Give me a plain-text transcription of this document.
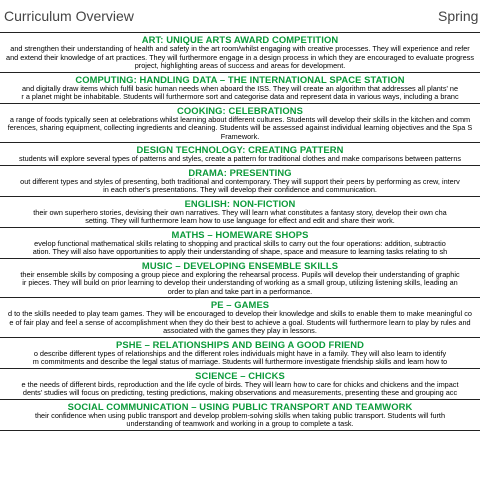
Curriculum Overview	Spring
ART: UNIQUE ARTS AWARD COMPETITION
and strengthen their understanding of health and safety in the art room/whilst engaging with creative processes. They will experience and refer
and extend their knowledge of art practices. They will furthermore engage in a design process in which they are encouraged to evaluate progress
project, highlighting areas of success and areas for development.
COMPUTING: HANDLING DATA – THE INTERNATIONAL SPACE STATION
and digitally draw items which fulfil basic human needs when aboard the ISS. They will create an algorithm that addresses all plants' ne
r a planet might be inhabitable. Students will furthermore sort and categorise data and represent data in various ways, including a branc
COOKING: CELEBRATIONS
a range of foods typically seen at celebrations whilst learning about different cultures. Students will develop their skills in the kitchen and comm
ferences, sharing equipment, collecting ingredients and cleaning. Students will be assessed against individual learning objectives and the Spa S
Framework.
DESIGN TECHNOLOGY: CREATING PATTERN
students will explore several types of patterns and styles, create a pattern for traditional clothes and make comparisons between patterns
DRAMA: PRESENTING
out different types and styles of presenting, both traditional and contemporary. They will support their peers by performing as crew, interv
in each other's presentations. They will develop their confidence and communication.
ENGLISH: NON-FICTION
their own superhero stories, devising their own narratives. They will learn what constitutes a fantasy story, develop their own cha
setting. They will furthermore learn how to use language for effect and edit and share their work.
MATHS – HOMEWARE SHOPS
evelop functional mathematical skills relating to shopping and practical skills to carry out the four operations: addition, subtractio
ation. They will also have opportunities to apply their understanding of shape, space and measure to learning tasks relating to sh
MUSIC – DEVELOPING ENSEMBLE SKILLS
their ensemble skills by composing a group piece and exploring the rehearsal process. Pupils will develop their understanding of graphic
ir pieces. They will build on prior learning to develop their understanding of working as a small group, utilizing listening skills, leading an
order to plan and take part in a performance.
PE – GAMES
d to the skills needed to play team games. They will be encouraged to develop their knowledge and skills to enable them to make meaningful co
e of fair play and feel a sense of accomplishment when they do their best to achieve a goal. Students will furthermore learn to play by rules and
associated with the games they play in lessons.
PSHE – RELATIONSHIPS AND BEING A GOOD FRIEND
o describe different types of relationships and the different roles individuals might have in a family. They will also learn to identify
m commitments and describe the legal status of marriage. Students will furthermore investigate friendship skills and learn how to
SCIENCE – CHICKS
e the needs of different birds, reproduction and the life cycle of birds. They will learn how to care for chicks and chickens and the impact
dents' studies will focus on predicting, testing predictions, making observations and measurements, presenting these and grouping acc
SOCIAL COMMUNICATION – USING PUBLIC TRANSPORT AND TEAMWORK
their confidence when using public transport and develop problem-solving skills when taking public transport. Students will furth
understanding of teamwork and working in a group to complete a task.
